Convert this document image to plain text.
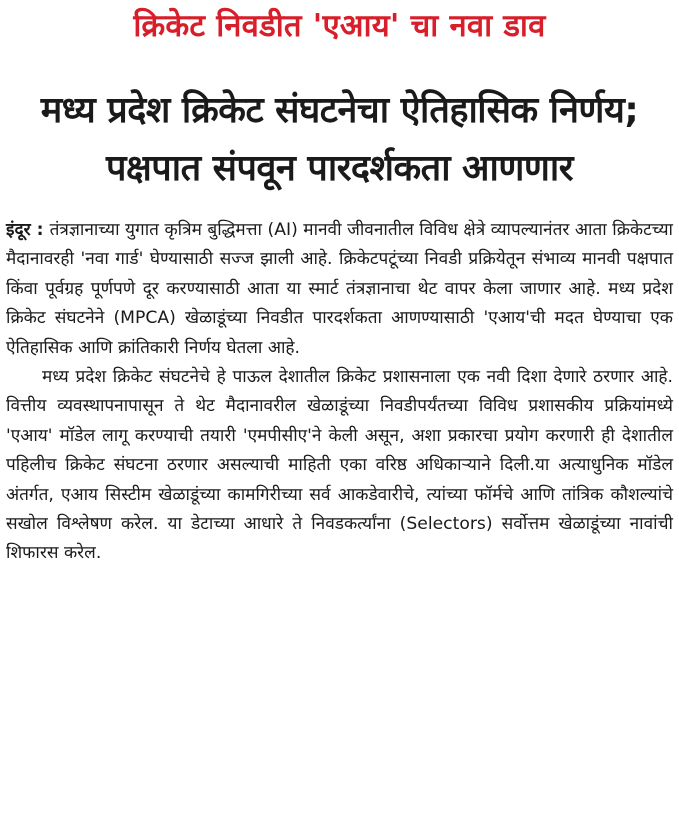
क्रिकेट निवडीत 'एआय' चा नवा डाव
मध्य प्रदेश क्रिकेट संघटनेचा ऐतिहासिक निर्णय; पक्षपात संपवून पारदर्शकता आणणार

इंदूर : तंत्रज्ञानाच्या युगात कृत्रिम बुद्धिमत्ता (AI) मानवी जीवनातील विविध क्षेत्रे व्यापल्यानंतर आता क्रिकेटच्या मैदानावरही 'नवा गार्ड' घेण्यासाठी सज्ज झाली आहे. क्रिकेटपटूंच्या निवडी प्रक्रियेतून संभाव्य मानवी पक्षपात किंवा पूर्वग्रह पूर्णपणे दूर करण्यासाठी आता या स्मार्ट तंत्रज्ञानाचा थेट वापर केला जाणार आहे. मध्य प्रदेश क्रिकेट संघटनेने (MPCA) खेळाडूंच्या निवडीत पारदर्शकता आणण्यासाठी 'एआय'ची मदत घेण्याचा एक ऐतिहासिक आणि क्रांतिकारी निर्णय घेतला आहे.

मध्य प्रदेश क्रिकेट संघटनेचे हे पाऊल देशातील क्रिकेट प्रशासनाला एक नवी दिशा देणारे ठरणार आहे. वित्तीय व्यवस्थापनापासून ते थेट मैदानावरील खेळाडूंच्या निवडीपर्यंतच्या विविध प्रशासकीय प्रक्रियांमध्ये 'एआय' मॉडेल लागू करण्याची तयारी 'एमपीसीए'ने केली असून, अशा प्रकारचा प्रयोग करणारी ही देशातील पहिलीच क्रिकेट संघटना ठरणार असल्याची माहिती एका वरिष्ठ अधिकाऱ्याने दिली.या अत्याधुनिक मॉडेल अंतर्गत, एआय सिस्टीम खेळाडूंच्या कामगिरीच्या सर्व आकडेवारीचे, त्यांच्या फॉर्मचे आणि तांत्रिक कौशल्यांचे सखोल विश्लेषण करेल. या डेटाच्या आधारे ते निवडकर्त्यांना (Selectors) सर्वोत्तम खेळाडूंच्या नावांची शिफारस करेल.
